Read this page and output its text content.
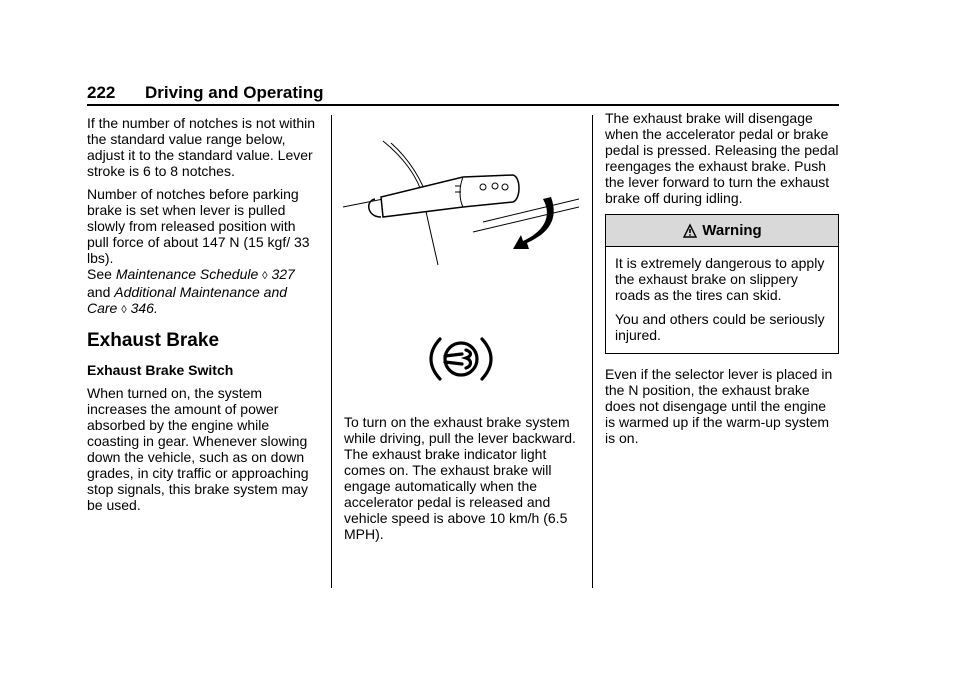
222 Driving and Operating

If the number of notches is not within the standard value range below, adjust it to the standard value. Lever stroke is 6 to 8 notches.

Number of notches before parking brake is set when lever is pulled slowly from released position with pull force of about 147 N (15 kgf/ 33 lbs).

See Maintenance Schedule ◊ 327
and Additional Maintenance and Care ◊ 346.

Exhaust Brake
Exhaust Brake Switch

When turned on, the system increases the amount of power absorbed by the engine while coasting in gear. Whenever slowing down the vehicle, such as on down grades, in city traffic or approaching stop signals, this brake system may be used.

To turn on the exhaust brake system while driving, pull the lever backward. The exhaust brake indicator light comes on. The exhaust brake will engage automatically when the accelerator pedal is released and vehicle speed is above 10 km/h (6.5 MPH).

The exhaust brake will disengage when the accelerator pedal or brake pedal is pressed. Releasing the pedal reengages the exhaust brake. Push the lever forward to turn the exhaust brake off during idling.

Warning

It is extremely dangerous to apply the exhaust brake on slippery roads as the tires can skid.

You and others could be seriously injured.

Even if the selector lever is placed in the N position, the exhaust brake does not disengage until the engine is warmed up if the warm-up system is on.
